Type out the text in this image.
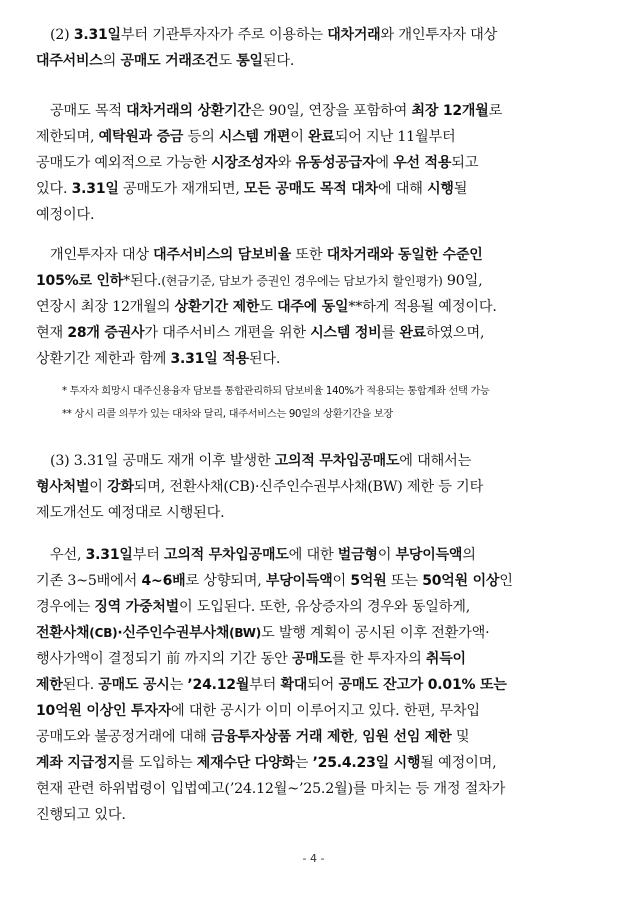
(2) 3.31일부터 기관투자자가 주로 이용하는 대차거래와 개인투자자 대상
대주서비스의 공매도 거래조건도 통일된다.
공매도 목적 대차거래의 상환기간은 90일, 연장을 포함하여 최장 12개월로
제한되며, 예탁원과 증금 등의 시스템 개편이 완료되어 지난 11월부터
공매도가 예외적으로 가능한 시장조성자와 유동성공급자에 우선 적용되고
있다. 3.31일 공매도가 재개되면, 모든 공매도 목적 대차에 대해 시행될
예정이다.
개인투자자 대상 대주서비스의 담보비율 또한 대차거래와 동일한 수준인
105%로 인하*된다.(현금기준, 담보가 증권인 경우에는 담보가치 할인평가) 90일,
연장시 최장 12개월의 상환기간 제한도 대주에 동일**하게 적용될 예정이다.
현재 28개 증권사가 대주서비스 개편을 위한 시스템 정비를 완료하였으며,
상환기간 제한과 함께 3.31일 적용된다.
* 투자자 희망시 대주신용융자 담보를 통합관리하되 담보비율 140%가 적용되는 통합계좌 선택 가능
** 상시 리콜 의무가 있는 대차와 달리, 대주서비스는 90일의 상환기간을 보장
(3) 3.31일 공매도 재개 이후 발생한 고의적 무차입공매도에 대해서는
형사처벌이 강화되며, 전환사채(CB)·신주인수권부사채(BW) 제한 등 기타
제도개선도 예정대로 시행된다.
우선, 3.31일부터 고의적 무차입공매도에 대한 벌금형이 부당이득액의
기존 3~5배에서 4~6배로 상향되며, 부당이득액이 5억원 또는 50억원 이상인
경우에는 징역 가중처벌이 도입된다. 또한, 유상증자의 경우와 동일하게,
전환사채(CB)·신주인수권부사채(BW)도 발행 계획이 공시된 이후 전환가액·
행사가액이 결정되기 前 까지의 기간 동안 공매도를 한 투자자의 취득이
제한된다. 공매도 공시는 ’24.12월부터 확대되어 공매도 잔고가 0.01% 또는
10억원 이상인 투자자에 대한 공시가 이미 이루어지고 있다. 한편, 무차입
공매도와 불공정거래에 대해 금융투자상품 거래 제한, 임원 선임 제한 및
계좌 지급정지를 도입하는 제재수단 다양화는 ’25.4.23일 시행될 예정이며,
현재 관련 하위법령이 입법예고(’24.12월~’25.2월)를 마치는 등 개정 절차가
진행되고 있다.
- 4 -
